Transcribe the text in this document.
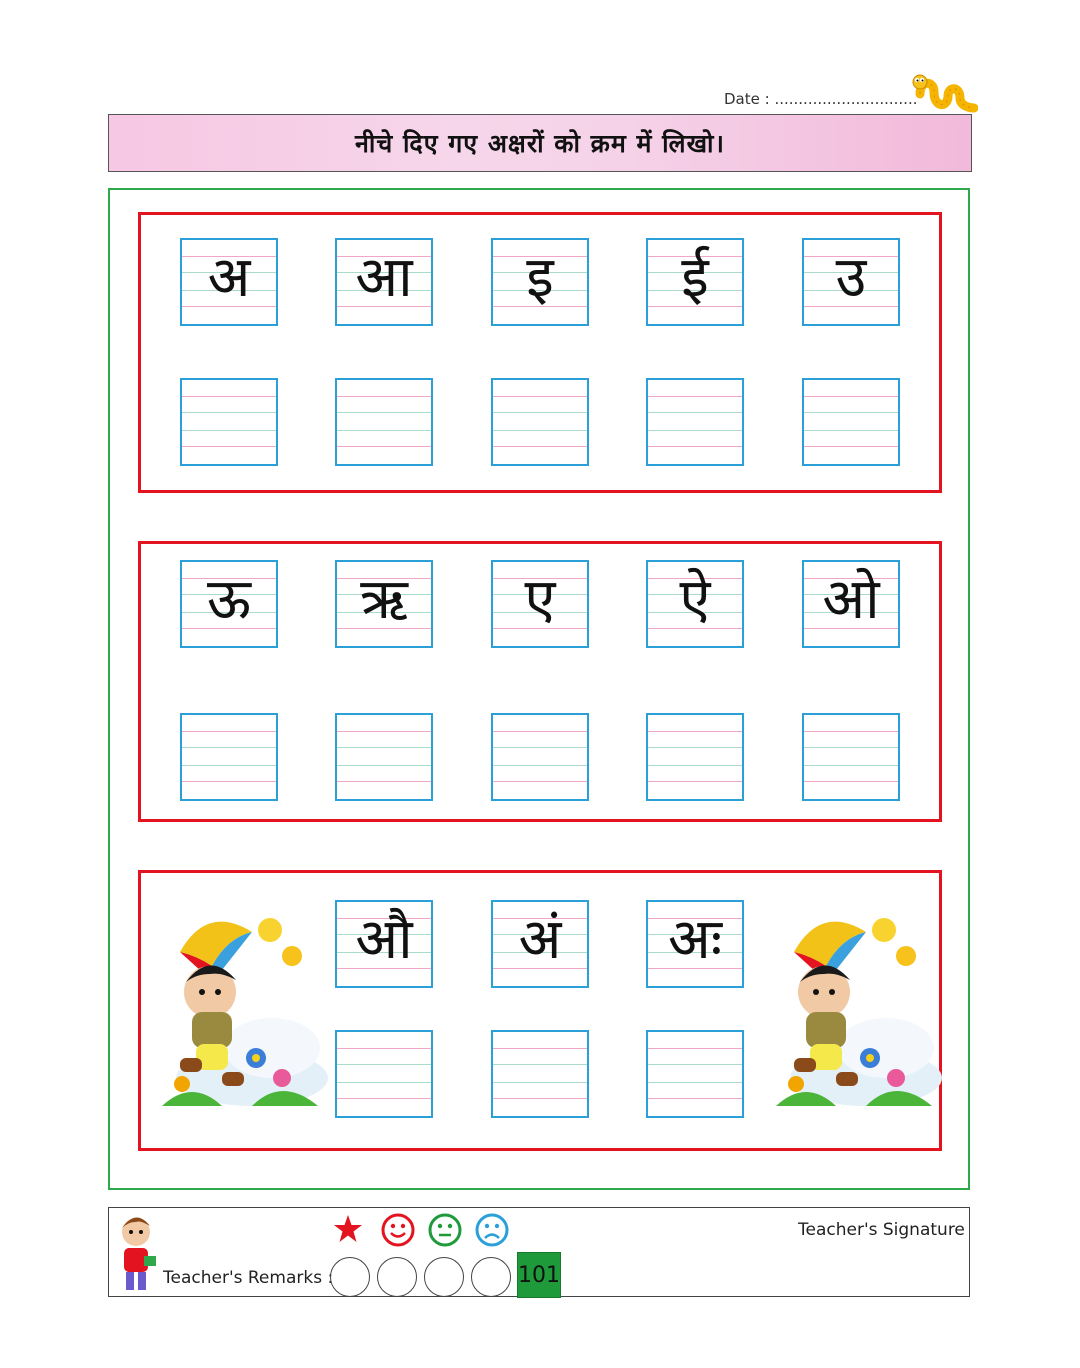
Date : ..............................
नीचे दिए गए अक्षरों को क्रम में लिखो।
अ	आ	इ	ई	उ
ऊ	ऋ	ए	ऐ	ओ
औ	अं	अः
Teacher's Remarks :	101
Teacher's Signature
